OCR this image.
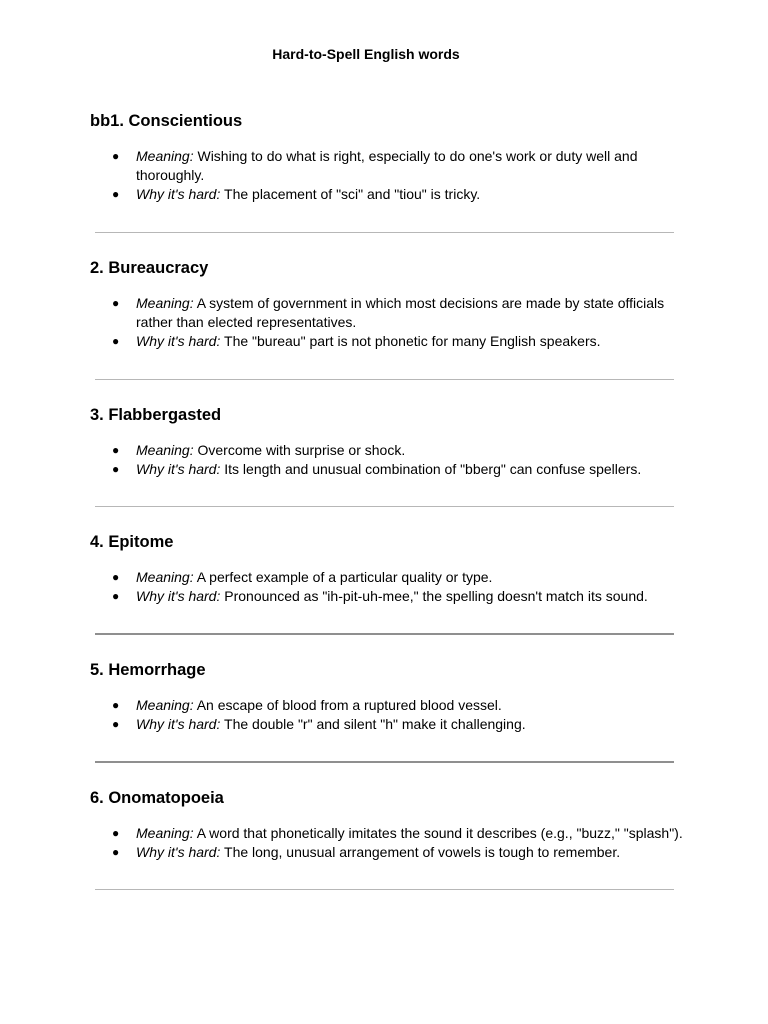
Hard-to-Spell English words
bb1. Conscientious
● Meaning: Wishing to do what is right, especially to do one's work or duty well and thoroughly.
● Why it's hard: The placement of "sci" and "tiou" is tricky.
2. Bureaucracy
● Meaning: A system of government in which most decisions are made by state officials rather than elected representatives.
● Why it's hard: The "bureau" part is not phonetic for many English speakers.
3. Flabbergasted
● Meaning: Overcome with surprise or shock.
● Why it's hard: Its length and unusual combination of "bberg" can confuse spellers.
4. Epitome
● Meaning: A perfect example of a particular quality or type.
● Why it's hard: Pronounced as "ih-pit-uh-mee," the spelling doesn't match its sound.
5. Hemorrhage
● Meaning: An escape of blood from a ruptured blood vessel.
● Why it's hard: The double "r" and silent "h" make it challenging.
6. Onomatopoeia
● Meaning: A word that phonetically imitates the sound it describes (e.g., "buzz," "splash").
● Why it's hard: The long, unusual arrangement of vowels is tough to remember.
